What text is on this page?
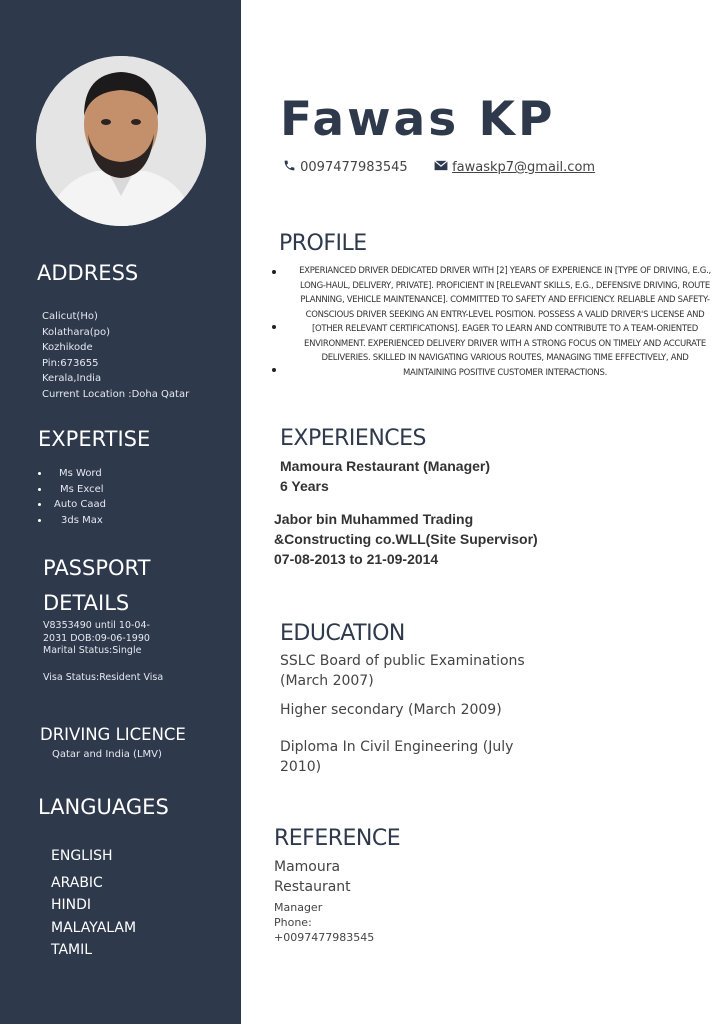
ADDRESS

Calicut(Ho)

Kolathara(po)

Kozhikode

Pin:673655

Kerala,India

Current Location :Doha Qatar

EXPERTISE
Ms Word
Ms Excel
Auto Caad
3ds Max
PASSPORT
DETAILS

V8353490 until 10-04-

2031 DOB:09-06-1990

Marital Status:Single

Visa Status:Resident Visa

DRIVING LICENCE

Qatar and India (LMV)

LANGUAGES

ENGLISH

ARABIC

HINDI

MALAYALAM

TAMIL

Fawas KP
0097477983545	fawaskp7@gmail.com
PROFILE

EXPERIANCED DRIVER DEDICATED DRIVER WITH [2] YEARS OF EXPERIENCE IN [TYPE OF DRIVING, E.G., LONG-HAUL, DELIVERY, PRIVATE]. PROFICIENT IN [RELEVANT SKILLS, E.G., DEFENSIVE DRIVING, ROUTE PLANNING, VEHICLE MAINTENANCE]. COMMITTED TO SAFETY AND EFFICIENCY. RELIABLE AND SAFETY-CONSCIOUS DRIVER SEEKING AN ENTRY-LEVEL POSITION. POSSESS A VALID DRIVER'S LICENSE AND [OTHER RELEVANT CERTIFICATIONS]. EAGER TO LEARN AND CONTRIBUTE TO A TEAM-ORIENTED ENVIRONMENT. EXPERIENCED DELIVERY DRIVER WITH A STRONG FOCUS ON TIMELY AND ACCURATE DELIVERIES. SKILLED IN NAVIGATING VARIOUS ROUTES, MANAGING TIME EFFECTIVELY, AND MAINTAINING POSITIVE CUSTOMER INTERACTIONS.

EXPERIENCES

Mamoura Restaurant (Manager)

6 Years

Jabor bin Muhammed Trading

&Constructing co.WLL(Site Supervisor)

07-08-2013 to 21-09-2014

EDUCATION

SSLC Board of public Examinations (March 2007)

Higher secondary (March 2009)

Diploma In Civil Engineering (July 2010)

REFERENCE

Mamoura

Restaurant

Manager

Phone:

+0097477983545
